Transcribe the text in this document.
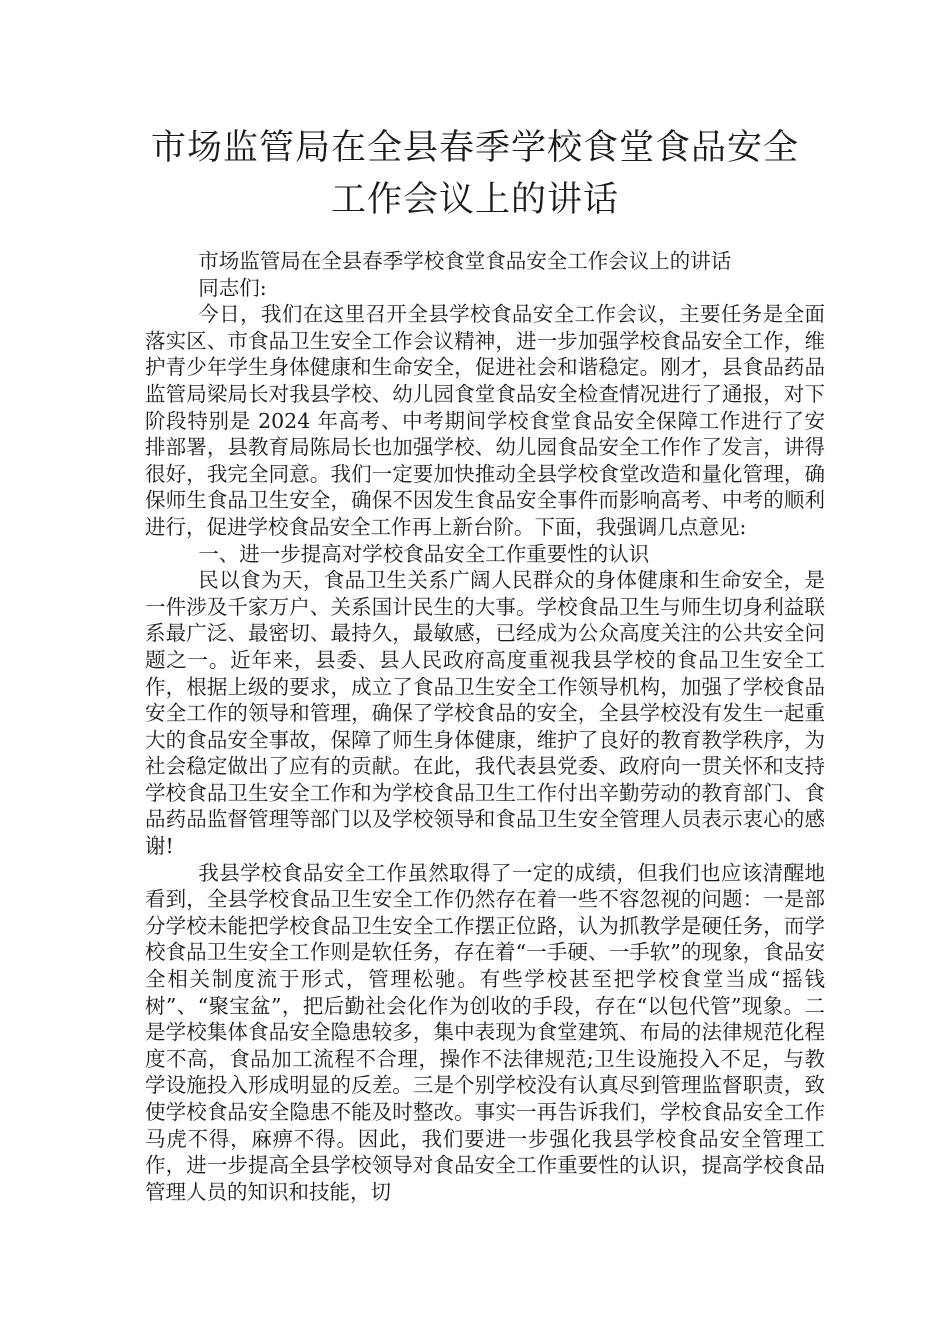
市场监管局在全县春季学校食堂食品安全
工作会议上的讲话

市场监管局在全县春季学校食堂食品安全工作会议上的讲话

同志们:

今日，我们在这里召开全县学校食品安全工作会议，主要任务是全面落实区、市食品卫生安全工作会议精神，进一步加强学校食品安全工作，维护青少年学生身体健康和生命安全，促进社会和谐稳定。刚才，县食品药品监管局梁局长对我县学校、幼儿园食堂食品安全检查情况进行了通报，对下阶段特别是 2024 年高考、中考期间学校食堂食品安全保障工作进行了安排部署，县教育局陈局长也加强学校、幼儿园食品安全工作作了发言，讲得很好，我完全同意。我们一定要加快推动全县学校食堂改造和量化管理，确保师生食品卫生安全，确保不因发生食品安全事件而影响高考、中考的顺利进行，促进学校食品安全工作再上新台阶。下面，我强调几点意见:

一、进一步提高对学校食品安全工作重要性的认识

民以食为天，食品卫生关系广阔人民群众的身体健康和生命安全，是一件涉及千家万户、关系国计民生的大事。学校食品卫生与师生切身利益联系最广泛、最密切、最持久，最敏感，已经成为公众高度关注的公共安全问题之一。近年来，县委、县人民政府高度重视我县学校的食品卫生安全工作，根据上级的要求，成立了食品卫生安全工作领导机构，加强了学校食品安全工作的领导和管理，确保了学校食品的安全，全县学校没有发生一起重大的食品安全事故，保障了师生身体健康，维护了良好的教育教学秩序，为社会稳定做出了应有的贡献。在此，我代表县党委、政府向一贯关怀和支持学校食品卫生安全工作和为学校食品卫生工作付出辛勤劳动的教育部门、食品药品监督管理等部门以及学校领导和食品卫生安全管理人员表示衷心的感谢!

我县学校食品安全工作虽然取得了一定的成绩，但我们也应该清醒地看到，全县学校食品卫生安全工作仍然存在着一些不容忽视的问题：一是部分学校未能把学校食品卫生安全工作摆正位路，认为抓教学是硬任务，而学校食品卫生安全工作则是软任务，存在着“一手硬、一手软”的现象，食品安全相关制度流于形式，管理松驰。有些学校甚至把学校食堂当成“摇钱树”、“聚宝盆”，把后勤社会化作为创收的手段，存在“以包代管”现象。二是学校集体食品安全隐患较多，集中表现为食堂建筑、布局的法律规范化程度不高，食品加工流程不合理，操作不法律规范;卫生设施投入不足，与教学设施投入形成明显的反差。三是个别学校没有认真尽到管理监督职责，致使学校食品安全隐患不能及时整改。事实一再告诉我们，学校食品安全工作马虎不得，麻痹不得。因此，我们要进一步强化我县学校食品安全管理工作，进一步提高全县学校领导对食品安全工作重要性的认识，提高学校食品管理人员的知识和技能，切
